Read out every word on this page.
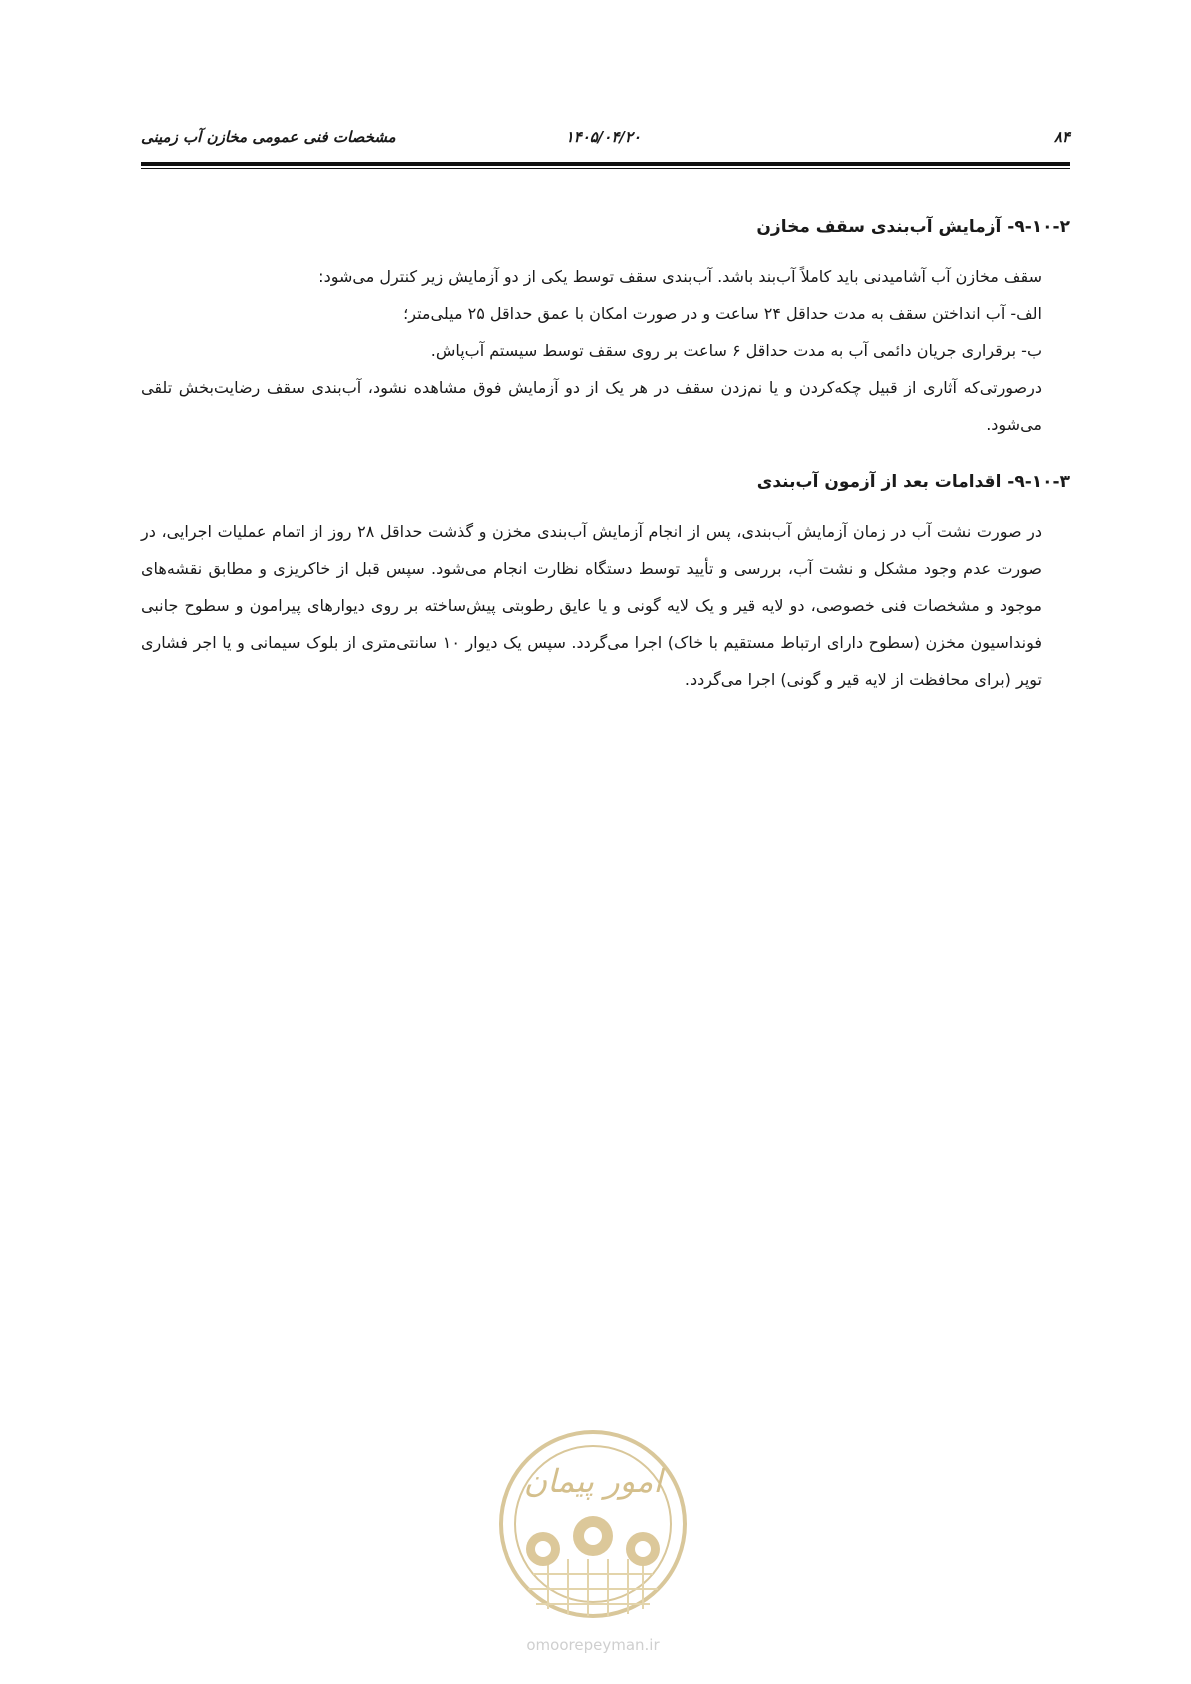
۸۴
۱۴۰۵/۰۴/۲۰
مشخصات فنی عمومی مخازن آب زمینی
۹-۱۰-۲- آزمایش آب‌بندی سقف مخازن

سقف مخازن آب آشامیدنی باید کاملاً آب‌بند باشد. آب‌بندی سقف توسط یکی از دو آزمایش زیر کنترل می‌شود:

الف- آب انداختن سقف به مدت حداقل ۲۴ ساعت و در صورت امکان با عمق حداقل ۲۵ میلی‌متر؛

ب- برقراری جریان دائمی آب به مدت حداقل ۶ ساعت بر روی سقف توسط سیستم آب‌پاش.

درصورتی‌که آثاری از قبیل چکه‌کردن و یا نم‌زدن سقف در هر یک از دو آزمایش فوق مشاهده نشود، آب‌بندی سقف رضایت‌بخش تلقی می‌شود.

۹-۱۰-۳- اقدامات بعد از آزمون آب‌بندی

در صورت نشت آب در زمان آزمایش آب‌بندی، پس از انجام آزمایش آب‌بندی مخزن و گذشت حداقل ۲۸ روز از اتمام عملیات اجرایی، در صورت عدم وجود مشکل و نشت آب، بررسی و تأیید توسط دستگاه نظارت انجام می‌شود. سپس قبل از خاکریزی و مطابق نقشه‌های موجود و مشخصات فنی خصوصی، دو لایه قیر و یک لایه گونی و یا عایق رطوبتی پیش‌ساخته بر روی دیوارهای پیرامون و سطوح جانبی فونداسیون مخزن (سطوح دارای ارتباط مستقیم با خاک) اجرا می‌گردد. سپس یک دیوار ۱۰ سانتی‌متری از بلوک سیمانی و یا اجر فشاری توپر (برای محافظت از لایه قیر و گونی) اجرا می‌گردد.

امور پیمان
omoorepeyman.ir
